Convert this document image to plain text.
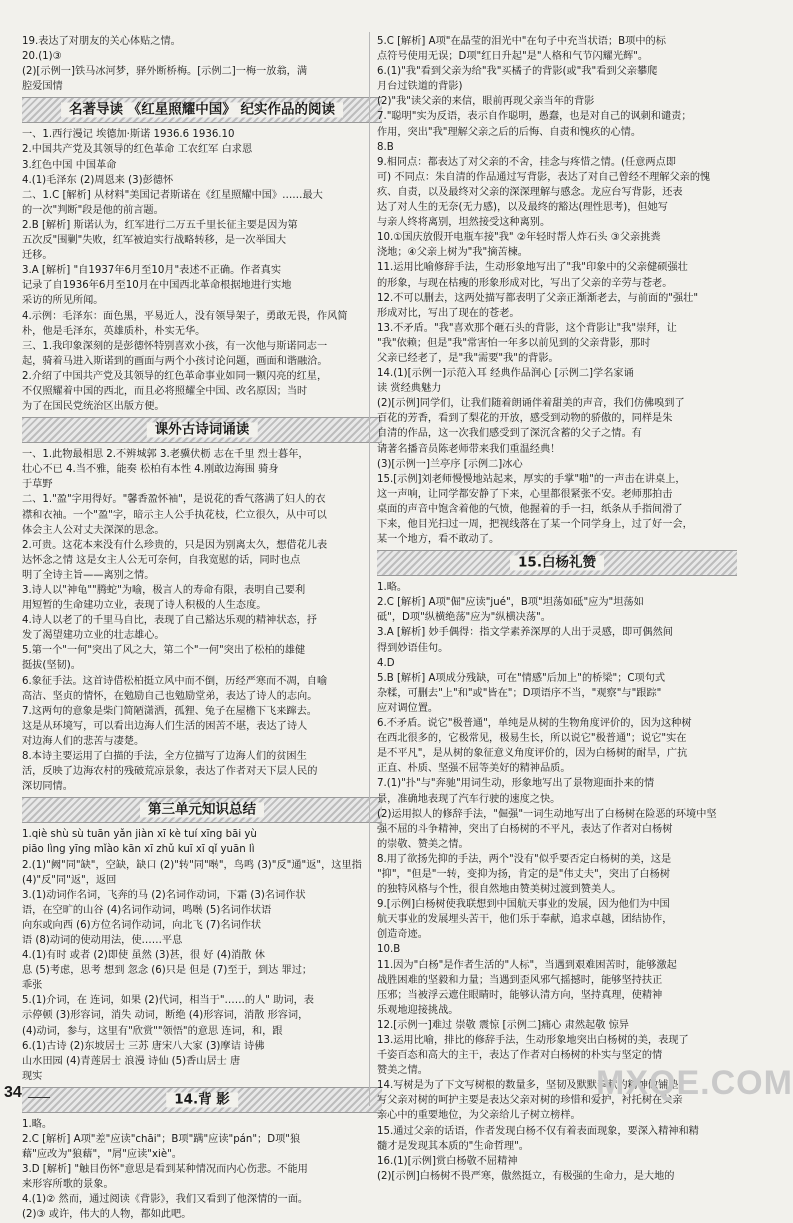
19.表达了对朋友的关心体贴之情。
20.(1)③
(2)[示例一]铁马冰河梦，驿外断桥梅。[示例二]一梅一放翁，满
腔爱国情
名著导读 《红星照耀中国》 纪实作品的阅读
一、1.西行漫记 埃德加·斯诺 1936.6 1936.10
2.中国共产党及其领导的红色革命 工农红军 白求恩
3.红色中国 中国革命
4.(1)毛泽东 (2)周恩来 (3)彭德怀
二、1.C [解析] 从材料"美国记者斯诺在《红星照耀中国》……最大
的一次"判断"段是他的前言题。
2.B [解析] 斯诺认为，红军进行二万五千里长征主要是因为第
五次反"围剿"失败，红军被迫实行战略转移，是一次举国大
迁移。
3.A [解析] "自1937年6月至10月"表述不正确。作者真实
记录了自1936年6月至10月在中国西北革命根据地进行实地
采访的所见所闻。
4.示例：毛泽东：面色黑，平易近人，没有领导架子，勇敢无畏，作风简
朴，他是毛泽东，英雄质朴，朴实无华。
三、1.我印象深刻的是彭德怀特别喜欢小孩，有一次他与斯诺同志一
起，骑着马进入斯诺到的画面与两个小孩讨论问题，画面和谐融洽。
2.介绍了中国共产党及其领导的红色革命事业如同一颗闪亮的红星，
不仅照耀着中国的西北，而且必将照耀全中国、改名原因；当时
为了在国民党统治区出版方便。
课外古诗词诵读
一、1.此物最相思 2.不辨城郭 3.老骥伏枥 志在千里 烈士暮年，
壮心不已 4.当不雅，能奏 松柏有本性 4.刚敢边海围 骑身
于草野
二、1."盈"字用得好。"馨香盈怀袖"，是说花的香气落满了妇人的衣
襟和衣袖。一个"盈"字，暗示主人公手执花枝，伫立很久，从中可以
体会主人公对丈夫深深的思念。
2.可贵。这花本来没有什么珍贵的，只是因为别离太久，想借花儿表
达怀念之情 这是女主人公无可奈何，自我宽慰的话，同时也点
明了全诗主旨——离别之情。
3.诗人以"神龟""腾蛇"为喻，极言人的寿命有限，表明自己要利
用短暂的生命建功立业，表现了诗人积极的人生态度。
4.诗人以老了的千里马自比，表现了自己豁达乐观的精神状态，抒
发了渴望建功立业的壮志雄心。
5.第一个"一何"突出了风之大，第二个"一何"突出了松柏的雄健
挺拔(坚韧)。
6.象征手法。这首诗借松柏挺立风中而不倒，历经严寒而不凋，自喻
高洁、坚贞的情怀，在勉励自己也勉励堂弟，表达了诗人的志向。
7.这两句的意象是柴门简陋潇洒，孤狸、兔子在屋檐下飞来蹿去。
这是从环境写，可以看出边海人们生活的困苦不堪，表达了诗人
对边海人们的悲苦与凄楚。
8.本诗主要运用了白描的手法，全方位描写了边海人们的贫困生
活，反映了边海农村的残破荒凉景象，表达了作者对天下层人民的
深切同情。
第三单元知识总结
1.qiè shù sù tuān yǎn jiàn xī kè tuí xīng bāi yù
piāo lìng yīng mǐào kān xī zhǔ kuī xī qǐ yuān lì
2.(1)"阙"同"缺"，空缺，缺口 (2)"转"同"啭"，鸟鸣 (3)"反"通"返"，这里指
(4)"反"同"返"，返回
3.(1)动词作名词，飞奔的马 (2)名词作动词，下霜 (3)名词作状
语，在空旷的山谷 (4)名词作动词，鸣啭 (5)名词作状语
向东或向西 (6)方位名词作动词，向北飞 (7)名词作状
语 (8)动词的使动用法，使……平息
4.(1)有时 或者 (2)即使 虽然 (3)甚，很 好 (4)消散 休
息 (5)考虑，思考 想到 忽念 (6)只是 但是 (7)至于，到达 罪过；
乖张
5.(1)介词，在 连词，如果 (2)代词，相当于"……的人" 助词，表
示停顿 (3)形容词，消失 动词，断绝 (4)形容词，消散 形容词，
(4)动词，参与，这里有"欣赏""领悟"的意思 连词，和，跟
6.(1)古诗 (2)东坡居士 三苏 唐宋八大家 (3)摩诘 诗佛
山水田园 (4)青莲居士 浪漫 诗仙 (5)香山居士 唐
现实
14.背 影
1.略。
2.C [解析] A项"差"应读"chāi"；B项"蹒"应读"pán"；D项"狼
藉"应改为"狼藉"，"屑"应读"xiè"。
3.D [解析] "触目伤怀"意思是看到某种情况而内心伤悲。不能用
来形容所歌的景象。
4.(1)② 然而，通过阅读《背影》，我们又看到了他深情的一面。
(2)③ 或许，伟大的人物，都如此吧。
5.C [解析] A项"在晶莹的泪光中"在句子中充当状语；B项中的标
点符号使用无误；D项"红日升起"是"人格和气节闪耀光辉"。
6.(1)"我"看到父亲为给"我"买橘子的背影(或"我"看到父亲攀爬
月台过铁道的背影)
(2)"我"读父亲的来信，眼前再现父亲当年的背影
7."聪明"实为反语，表示自作聪明，愚蠢，也是对自己的讽刺和谴责；
作用，突出"我"理解父亲之后的后悔、自责和愧疚的心情。
8.B
9.相同点：都表达了对父亲的不舍，挂念与疼惜之情。(任意两点即
可) 不同点：朱自清的作品通过写背影，表达了对自己曾经不理解父亲的愧
疚、自责，以及最终对父亲的深深理解与感念。龙应台写背影，还表
达了对人生的无奈(无力感)，以及最终的豁达(理性思考)，但她写
与亲人终将离别，坦然接受这种离别。
10.①国庆放假开电瓶车接"我" ②年轻时帮人炸石头 ③父亲挑粪
浇地；④父亲上树为"我"摘苦楝。
11.运用比喻修辞手法，生动形象地写出了"我"印象中的父亲健硕强壮
的形象，与现在枯瘦的形象形成对比，写出了父亲的辛劳与苍老。
12.不可以删去，这两处描写都表明了父亲正渐渐老去，与前面的"强壮"
形成对比，写出了现在的苍老。
13.不矛盾。"我"喜欢那个砸石头的背影，这个背影让"我"崇拜，让
"我"依赖；但是"我"常害怕一年多以前见到的父亲背影，那时
父亲已经老了，是"我"需要"我"的背影。
14.(1)[示例一]示范入耳 经典作品润心 [示例二]学名家诵
读 赏经典魅力
(2)[示例]同学们，让我们随着朗诵伴着甜美的声音，我们仿佛嗅到了
百花的芳香，看到了梨花的开放，感受到动物的骄傲的，同样是朱
自清的作品，这一次我们感受到了深沉含蓄的父子之情。有
请著名播音员陈老师带来我们重温经典！
(3)[示例一]兰亭序 [示例二]冰心
15.[示例]刘老师慢慢地站起来，厚实的手掌"啪"的一声击在讲桌上，
这一声响，让同学都安静了下来，心里都很紧张不安。老师那拍击
桌面的声音中饱含着他的气愤，他握着的手一扫，纸条从手指间滑了
下来，他目光扫过一周，把视线落在了某一个同学身上，过了好一会，
某一个地方，看不敢动了。
15.白杨礼赞
1.略。
2.C [解析] A项"倔"应读"jué"，B项"坦荡如砥"应为"坦荡如
砥"，D项"纵横绝荡"应为"纵横决荡"。
3.A [解析] 妙手偶得：指文学素养深厚的人出于灵感，即可偶然间
得到妙语佳句。
4.D
5.B [解析] A项成分残缺，可在"情感"后加上"的桥梁"；C项句式
杂糅，可删去"上"和"或"皆在"；D项语序不当，"观察"与"跟踪"
应对调位置。
6.不矛盾。说它"极普通"，单纯是从树的生物角度评价的，因为这种树
在西北很多的，它极常见，极易生长，所以说它"极普通"；说它"实在
是不平凡"，是从树的象征意义角度评价的，因为白杨树的耐旱，广抗
正直、朴质、坚强不屈等美好的精神品质。
7.(1)"扑"与"奔驰"用词生动，形象地写出了景物迎面扑来的情
景，准确地表现了汽车行驶的速度之快。
(2)运用拟人的修辞手法，"倔强"一词生动地写出了白杨树在险恶的环境中坚
强不屈的斗争精神，突出了白杨树的不平凡，表达了作者对白杨树
的崇敬、赞美之情。
8.用了欲扬先抑的手法，两个"没有"似乎要否定白杨树的美，这是
"抑"，"但是"一转，变抑为扬，肯定的是"伟丈夫"，突出了白杨树
的独特风格与个性，很自然地由赞美树过渡到赞美人。
9.[示例]白杨树使我联想到中国航天事业的发展，因为他们为中国
航天事业的发展埋头苦干，他们乐于奉献，追求卓越，团结协作，
创造奇迹。
10.B
11.因为"白杨"是作者生活的"人标"，当遇到艰难困苦时，能够激起
战胜困难的坚毅和力量；当遇到歪风邪气摇撼时，能够坚持扶正
压邪；当被浮云遮住眼睛时，能够认清方向，坚持真理，使精神
乐观地迎接挑战。
12.[示例一]难过 崇敬 震惊 [示例二]痛心 肃然起敬 惊异
13.运用比喻，排比的修辞手法，生动形象地突出白杨树的美，表现了
千姿百态和高大的主干，表达了作者对白杨树的朴实与坚定的情
赞美之情。
14.写树是为了下文写树根的数量多，坚韧及默默奉献的精神做铺垫；
写父亲对树的呵护主要是表达父亲对树的珍惜和爱护，衬托树在父亲
亲心中的重要地位，为父亲给儿子树立榜样。
15.通过父亲的话语，作者发现白杨不仅有着表面现象，要深入精神和精
髓才是发现其本质的"生命哲理"。
16.(1)[示例]赏白杨敬不屈精神
(2)[示例]白杨树不畏严寒，傲然挺立，有极强的生命力，是大地的
34	MXQE.COM
